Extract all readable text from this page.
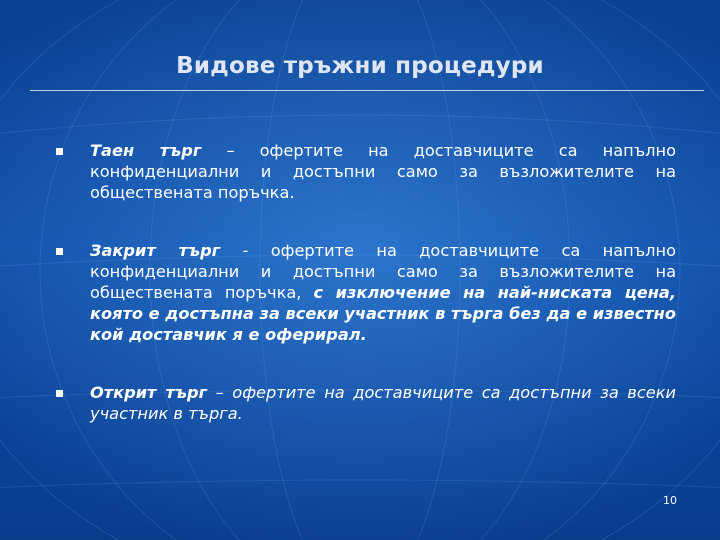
Видове тръжни процедури
Таен търг – офертите на доставчиците са напълно конфиденциални и достъпни само за възложителите на обществената поръчка.
Закрит търг - офертите на доставчиците са напълно конфиденциални и достъпни само за възложителите на обществената поръчка, с изключение на най-ниската цена, която е достъпна за всеки участник в търга без да е известно кой доставчик я е оферирал.
Открит търг – офертите на доставчиците са достъпни за всеки участник в търга.
10
